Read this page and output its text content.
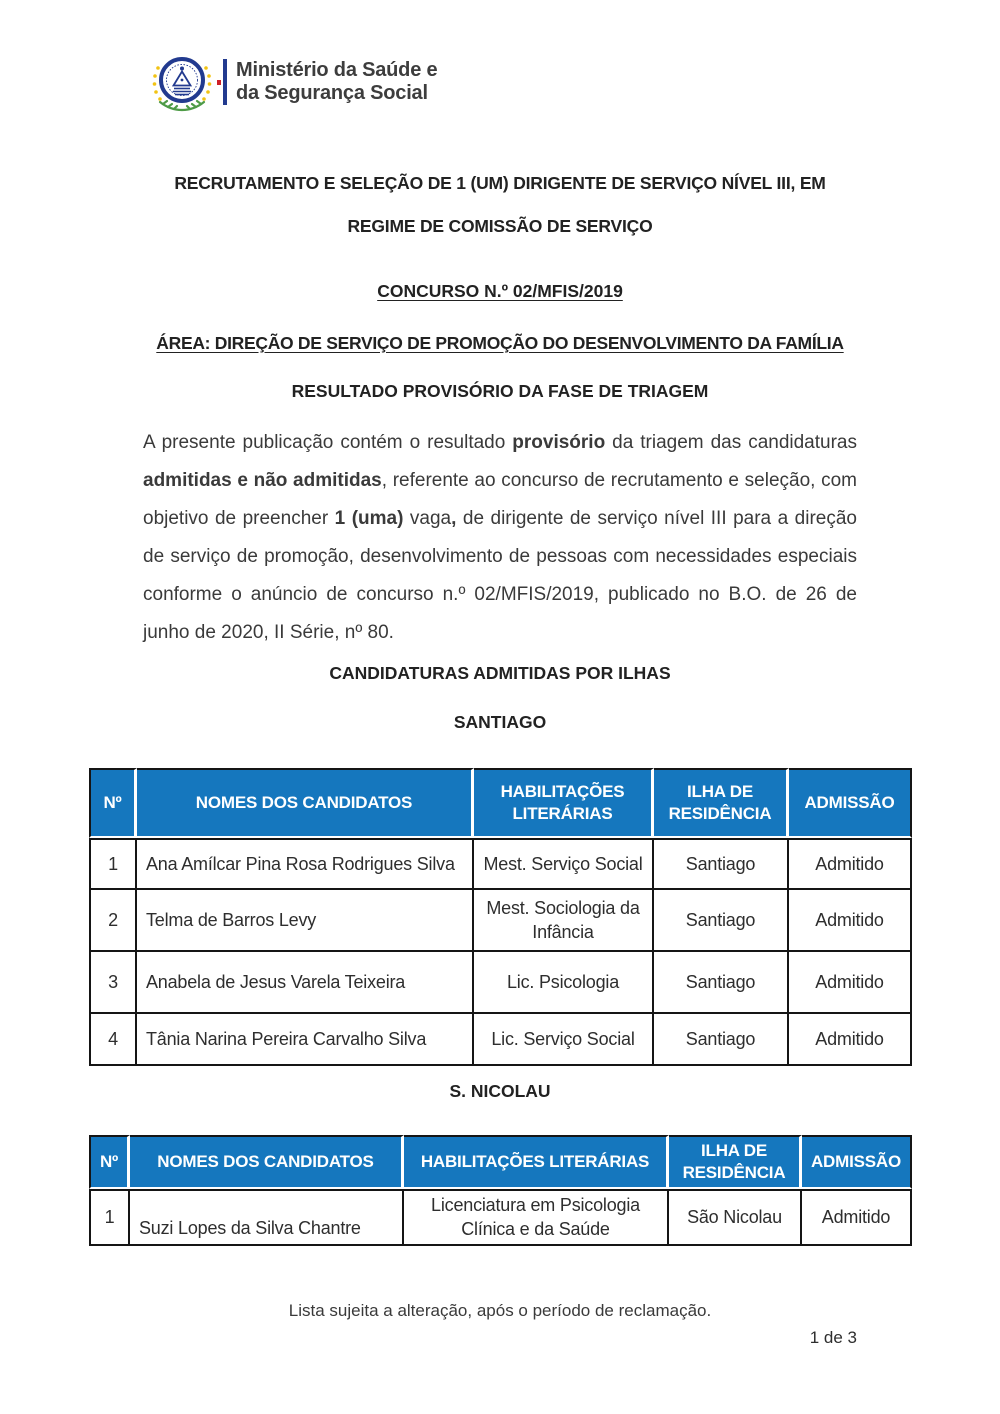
Ministério da Saúde e
da Segurança Social
RECRUTAMENTO E SELEÇÃO DE 1 (UM) DIRIGENTE DE SERVIÇO NÍVEL III, EM
REGIME DE COMISSÃO DE SERVIÇO
CONCURSO N.º 02/MFIS/2019
ÁREA: DIREÇÃO DE SERVIÇO DE PROMOÇÃO DO DESENVOLVIMENTO DA FAMÍLIA
RESULTADO PROVISÓRIO DA FASE DE TRIAGEM

A presente publicação contém o resultado provisório da triagem das candidaturas admitidas e não admitidas, referente ao concurso de recrutamento e seleção, com objetivo de preencher 1 (uma) vaga, de dirigente de serviço nível III para a direção de serviço de promoção, desenvolvimento de pessoas com necessidades especiais conforme o anúncio de concurso n.º 02/MFIS/2019, publicado no B.O. de 26 de junho de 2020, II Série, nº 80.

CANDIDATURAS ADMITIDAS POR ILHAS
SANTIAGO
Nº	NOMES DOS CANDIDATOS	HABILITAÇÕES LITERÁRIAS	ILHA DE RESIDÊNCIA	ADMISSÃO
1	Ana Amílcar Pina Rosa Rodrigues Silva	Mest. Serviço Social	Santiago	Admitido
2	Telma de Barros Levy	Mest. Sociologia da Infância	Santiago	Admitido
3	Anabela de Jesus Varela Teixeira	Lic. Psicologia	Santiago	Admitido
4	Tânia Narina Pereira Carvalho Silva	Lic. Serviço Social	Santiago	Admitido
S. NICOLAU
Nº	NOMES DOS CANDIDATOS	HABILITAÇÕES LITERÁRIAS	ILHA DE RESIDÊNCIA	ADMISSÃO
1	Suzi Lopes da Silva Chantre	Licenciatura em Psicologia Clínica e da Saúde	São Nicolau	Admitido
Lista sujeita a alteração, após o período de reclamação.
1 de 3
